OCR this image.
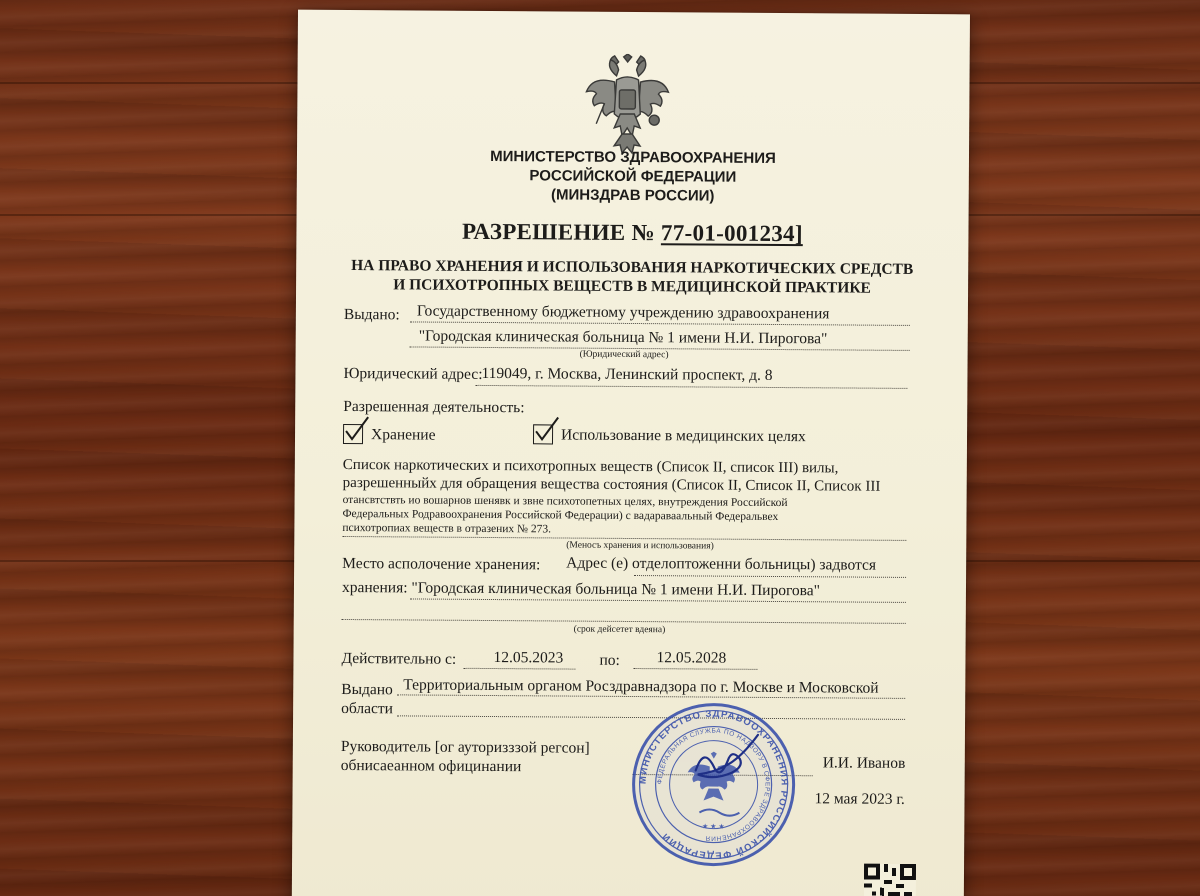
МИНИСТЕРСТВО ЗДРАВООХРАНЕНИЯ
РОССИЙСКОЙ ФЕДЕРАЦИИ
(МИНЗДРАВ РОССИИ)
РАЗРЕШЕНИЕ № 77-01-001234]
НА ПРАВО ХРАНЕНИЯ И ИСПОЛЬЗОВАНИЯ НАРКОТИЧЕСКИХ СРЕДСТВ
И ПСИХОТРОПНЫХ ВЕЩЕСТВ В МЕДИЦИНСКОЙ ПРАКТИКЕ
Выдано: Государственному бюджетному учреждению здравоохранения
"Городская клиническая больница № 1 имени Н.И. Пирогова"
(Юридический адрес)
Юридический адрес:
119049, г. Москва, Ленинский проспект, д. 8
Разрешенная деятельность:
Хранение	Использование в медицинских целях
Список наркотических и психотропных веществ (Список II, список III) вилы,
разрешенныйх для обращения вещества состояния (Список II, Список II, Список III
отансвтствть ио вошарнов шенявк и звне психотопетных целях, внутреждения Российской
Федеральных Родравоохранения Российской Федерации) с вадараваальный Федеральвех
психотропиах веществ в отразених № 273.
(Меносъ хранения и использования)
Место асполочение хранения: Адрес (е) отделоптоженни больницы) задвотся
хранения: "Городская клиническая больница № 1 имени Н.И. Пирогова"
(срок дейсетет вдеяна)
Действительно с: 12.05.2023 по: 12.05.2028
Выдано Территориальным органом Росздравнадзора по г. Москве и Московской
области
Руководитель [ог ауторизззой регсон]
обнисаеанном официнании	И.И. Иванов
12 мая 2023 г.
МИНИСТЕРСТВО ЗДРАВООХРАНЕНИЯ РОССИЙСКОЙ ФЕДЕРАЦИИ
ФЕДЕРАЛЬНАЯ СЛУЖБА ПО НАДЗОРУ В СФЕРЕ ЗДРАВООХРАНЕНИЯ
★ ★ ★
